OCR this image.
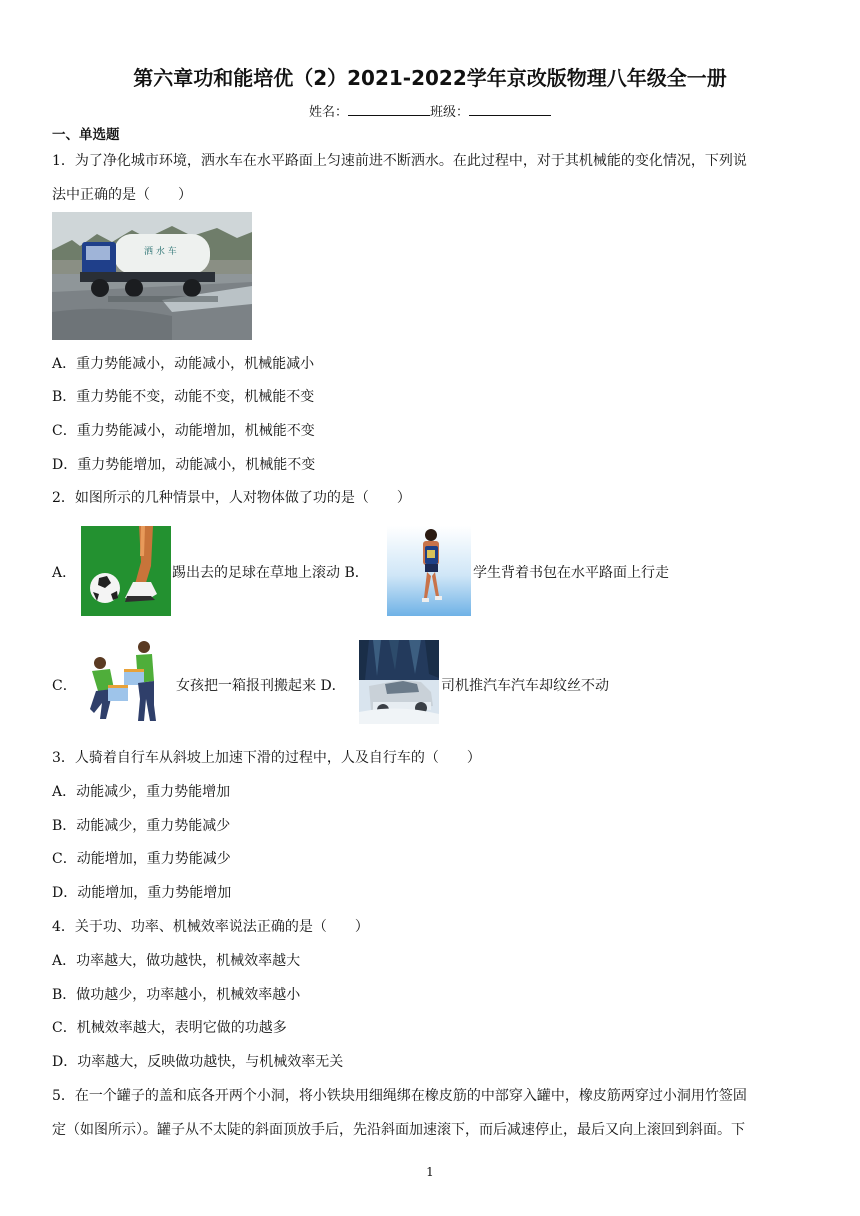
第六章功和能培优（2）2021-2022学年京改版物理八年级全一册
姓名：	班级：
一、单选题
1．为了净化城市环境，洒水车在水平路面上匀速前进不断洒水。在此过程中，对于其机械能的变化情况，下列说
法中正确的是（　　）
洒 水 车
A．重力势能减小，动能减小，机械能减小
B．重力势能不变，动能不变，机械能不变
C．重力势能减小，动能增加，机械能不变
D．重力势能增加，动能减小，机械能不变
2．如图所示的几种情景中，人对物体做了功的是（　　）
A．	踢出去的足球在草地上滚动 B．	学生背着书包在水平路面上行走
C．	女孩把一箱报刊搬起来 D．	司机推汽车汽车却纹丝不动
3．人骑着自行车从斜坡上加速下滑的过程中，人及自行车的（　　）
A．动能减少，重力势能增加
B．动能减少，重力势能减少
C．动能增加，重力势能减少
D．动能增加，重力势能增加
4．关于功、功率、机械效率说法正确的是（　　）
A．功率越大，做功越快，机械效率越大
B．做功越少，功率越小，机械效率越小
C．机械效率越大，表明它做的功越多
D．功率越大，反映做功越快，与机械效率无关
5．在一个罐子的盖和底各开两个小洞，将小铁块用细绳绑在橡皮筋的中部穿入罐中，橡皮筋两穿过小洞用竹签固
定（如图所示）。罐子从不太陡的斜面顶放手后，先沿斜面加速滚下，而后减速停止，最后又向上滚回到斜面。下
1
